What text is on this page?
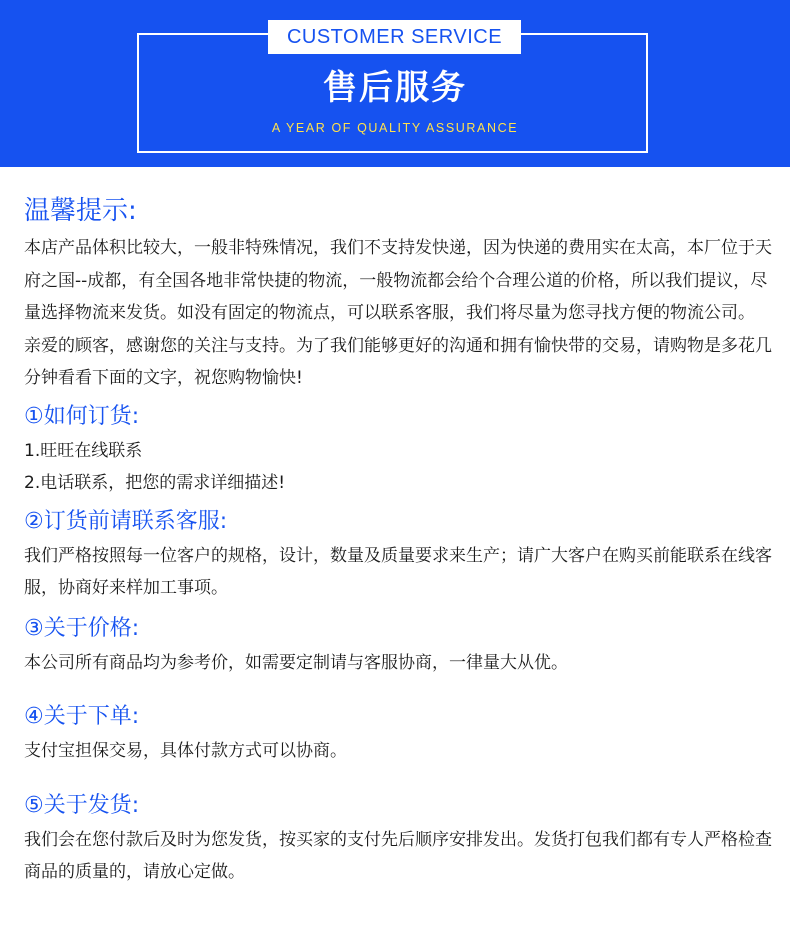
CUSTOMER SERVICE
售后服务
A YEAR OF QUALITY ASSURANCE

温馨提示:

本店产品体积比较大，一般非特殊情况，我们不支持发快递，因为快递的费用实在太高，本厂位于天府之国--成都，有全国各地非常快捷的物流，一般物流都会给个合理公道的价格，所以我们提议，尽量选择物流来发货。如没有固定的物流点，可以联系客服，我们将尽量为您寻找方便的物流公司。

亲爱的顾客，感谢您的关注与支持。为了我们能够更好的沟通和拥有愉快带的交易，请购物是多花几分钟看看下面的文字，祝您购物愉快!

①如何订货:

1.旺旺在线联系

2.电话联系，把您的需求详细描述!

②订货前请联系客服:

我们严格按照每一位客户的规格，设计，数量及质量要求来生产；请广大客户在购买前能联系在线客服，协商好来样加工事项。

③关于价格:

本公司所有商品均为参考价，如需要定制请与客服协商，一律量大从优。

④关于下单:

支付宝担保交易，具体付款方式可以协商。

⑤关于发货:

我们会在您付款后及时为您发货，按买家的支付先后顺序安排发出。发货打包我们都有专人严格检查商品的质量的，请放心定做。
